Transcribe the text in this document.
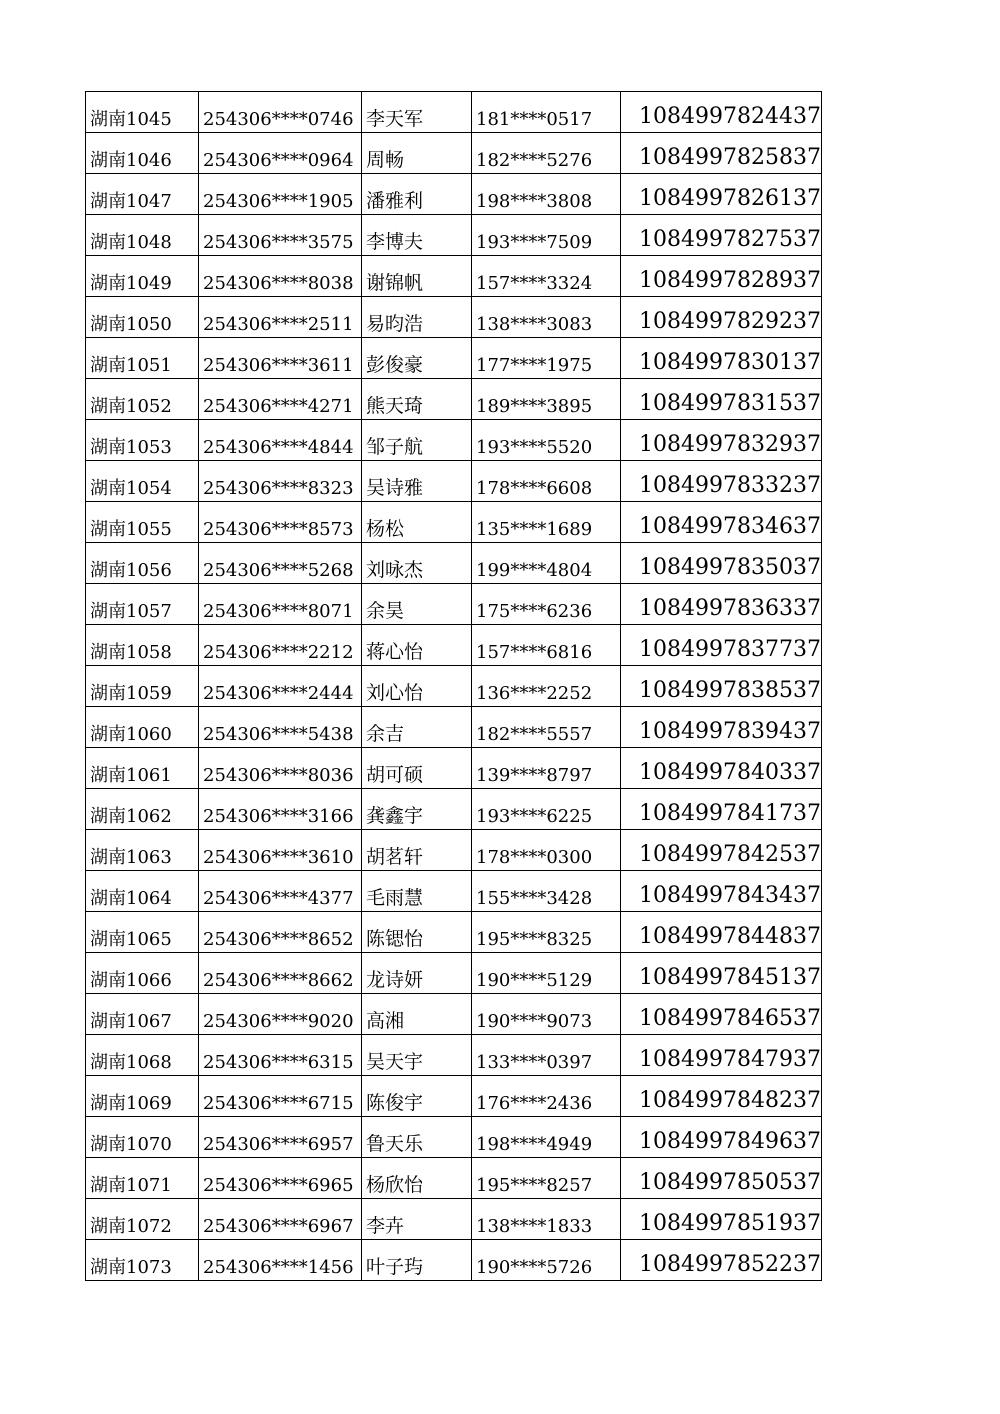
湖南1045	254306****0746	李天军	181****0517	1084997824437

湖南1046	254306****0964	周畅	182****5276	1084997825837

湖南1047	254306****1905	潘雅利	198****3808	1084997826137

湖南1048	254306****3575	李博夫	193****7509	1084997827537

湖南1049	254306****8038	谢锦帆	157****3324	1084997828937

湖南1050	254306****2511	易昀浩	138****3083	1084997829237

湖南1051	254306****3611	彭俊豪	177****1975	1084997830137

湖南1052	254306****4271	熊天琦	189****3895	1084997831537

湖南1053	254306****4844	邹子航	193****5520	1084997832937

湖南1054	254306****8323	吴诗雅	178****6608	1084997833237

湖南1055	254306****8573	杨松	135****1689	1084997834637

湖南1056	254306****5268	刘咏杰	199****4804	1084997835037

湖南1057	254306****8071	余昊	175****6236	1084997836337

湖南1058	254306****2212	蒋心怡	157****6816	1084997837737

湖南1059	254306****2444	刘心怡	136****2252	1084997838537

湖南1060	254306****5438	余吉	182****5557	1084997839437

湖南1061	254306****8036	胡可硕	139****8797	1084997840337

湖南1062	254306****3166	龚鑫宇	193****6225	1084997841737

湖南1063	254306****3610	胡茗轩	178****0300	1084997842537

湖南1064	254306****4377	毛雨慧	155****3428	1084997843437

湖南1065	254306****8652	陈锶怡	195****8325	1084997844837

湖南1066	254306****8662	龙诗妍	190****5129	1084997845137

湖南1067	254306****9020	高湘	190****9073	1084997846537

湖南1068	254306****6315	吴天宇	133****0397	1084997847937

湖南1069	254306****6715	陈俊宇	176****2436	1084997848237

湖南1070	254306****6957	鲁天乐	198****4949	1084997849637

湖南1071	254306****6965	杨欣怡	195****8257	1084997850537

湖南1072	254306****6967	李卉	138****1833	1084997851937

湖南1073	254306****1456	叶子玙	190****5726	1084997852237
